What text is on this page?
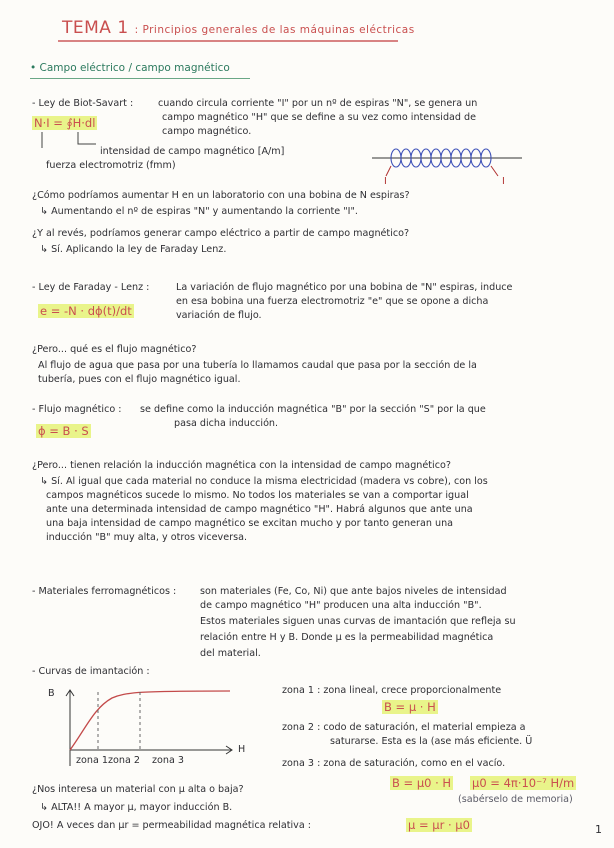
TEMA 1 : Principios generales de las máquinas eléctricas
• Campo eléctrico / campo magnético
- Ley de Biot-Savart :	cuando circula corriente "I" por un nº de espiras "N", se genera un
campo magnético "H" que se define a su vez como intensidad de
campo magnético.
N·I = ∮H·dl
intensidad de campo magnético [A/m]
fuerza electromotriz (fmm)
I	I
¿Cómo podríamos aumentar H en un laboratorio con una bobina de N espiras?
↳ Aumentando el nº de espiras "N" y aumentando la corriente "I".
¿Y al revés, podríamos generar campo eléctrico a partir de campo magnético?
↳ Sí. Aplicando la ley de Faraday Lenz.
- Ley de Faraday - Lenz :	La variación de flujo magnético por una bobina de "N" espiras, induce
en esa bobina una fuerza electromotriz "e" que se opone a dicha
variación de flujo.
e = -N · dϕ(t)/dt
¿Pero... qué es el flujo magnético?
Al flujo de agua que pasa por una tubería lo llamamos caudal que pasa por la sección de la
tubería, pues con el flujo magnético igual.
- Flujo magnético : se define como la inducción magnética "B" por la sección "S" por la que
pasa dicha inducción.
ϕ = B · S
¿Pero... tienen relación la inducción magnética con la intensidad de campo magnético?
↳ Sí. Al igual que cada material no conduce la misma electricidad (madera vs cobre), con los
campos magnéticos sucede lo mismo. No todos los materiales se van a comportar igual
ante una determinada intensidad de campo magnético "H". Habrá algunos que ante una
una baja intensidad de campo magnético se excitan mucho y por tanto generan una
inducción "B" muy alta, y otros viceversa.
- Materiales ferromagnéticos : son materiales (Fe, Co, Ni) que ante bajos niveles de intensidad
de campo magnético "H" producen una alta inducción "B".
Estos materiales siguen unas curvas de imantación que refleja su
relación entre H y B. Donde μ es la permeabilidad magnética
del material.
- Curvas de imantación :
B
H
zona 1 zona 2 zona 3
zona 1 : zona lineal, crece proporcionalmente
B = μ · H
zona 2 : codo de saturación, el material empieza a
saturarse. Esta es la (ase más eficiente. Ü
zona 3 : zona de saturación, como en el vacío.
B = μ0 · H μ0 = 4π·10⁻⁷ H/m
(sabérselo de memoria)
¿Nos interesa un material con μ alta o baja?
↳ ALTA!! A mayor μ, mayor inducción B.
OJO! A veces dan μr = permeabilidad magnética relativa :	μ = μr · μ0	1
